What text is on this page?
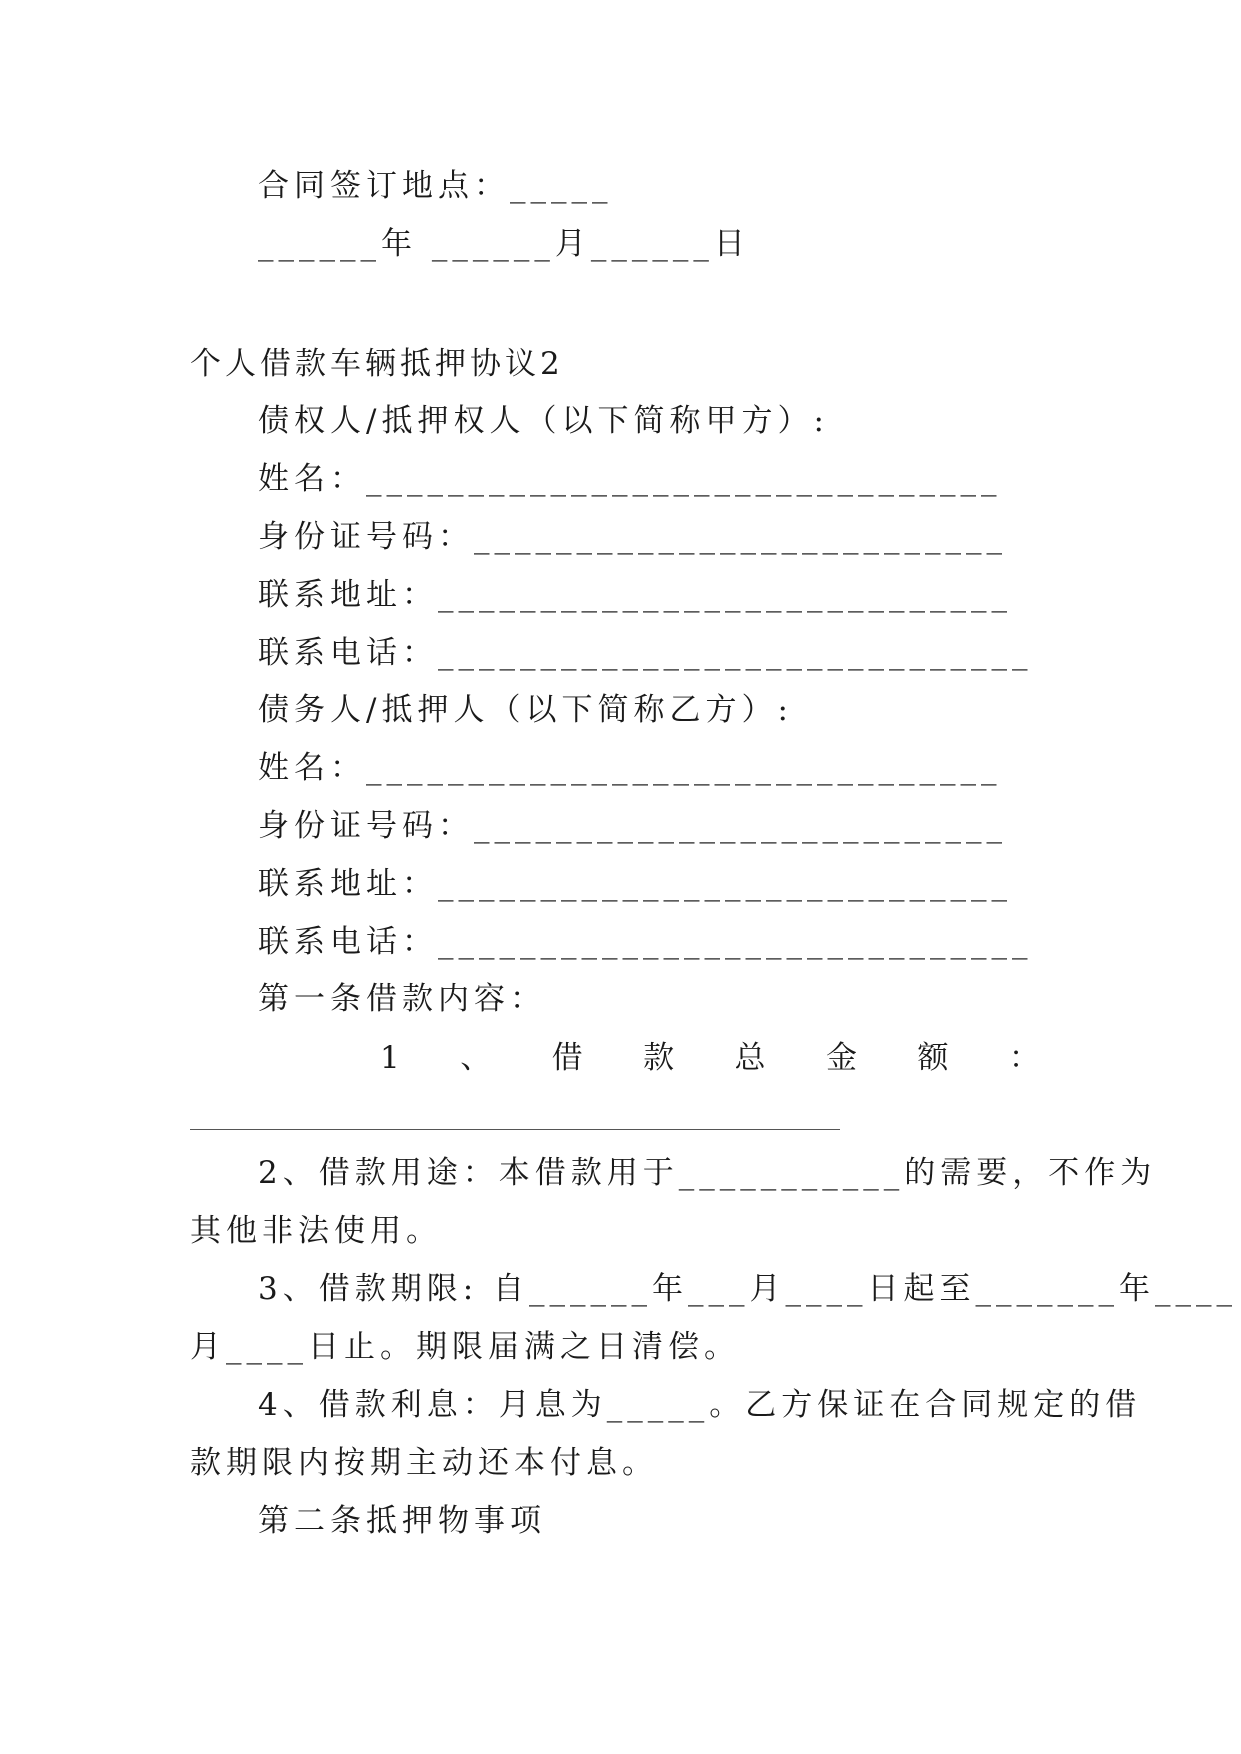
合同签订地点：_____
______年 ______月______日
个人借款车辆抵押协议2
债权人/抵押权人（以下简称甲方）:
姓名：_______________________________
身份证号码：__________________________
联系地址：____________________________
联系电话：_____________________________
债务人/抵押人（以下简称乙方）:
姓名：_______________________________
身份证号码：__________________________
联系地址：____________________________
联系电话：_____________________________
第一条借款内容：
1 、 借 款 总 金 额 ：
2、借款用途：本借款用于___________的需要，不作为
其他非法使用。
3、借款期限: 自______年___月____日起至_______年____
月____日止。期限届满之日清偿。
4、借款利息：月息为_____。乙方保证在合同规定的借
款期限内按期主动还本付息。
第二条抵押物事项
